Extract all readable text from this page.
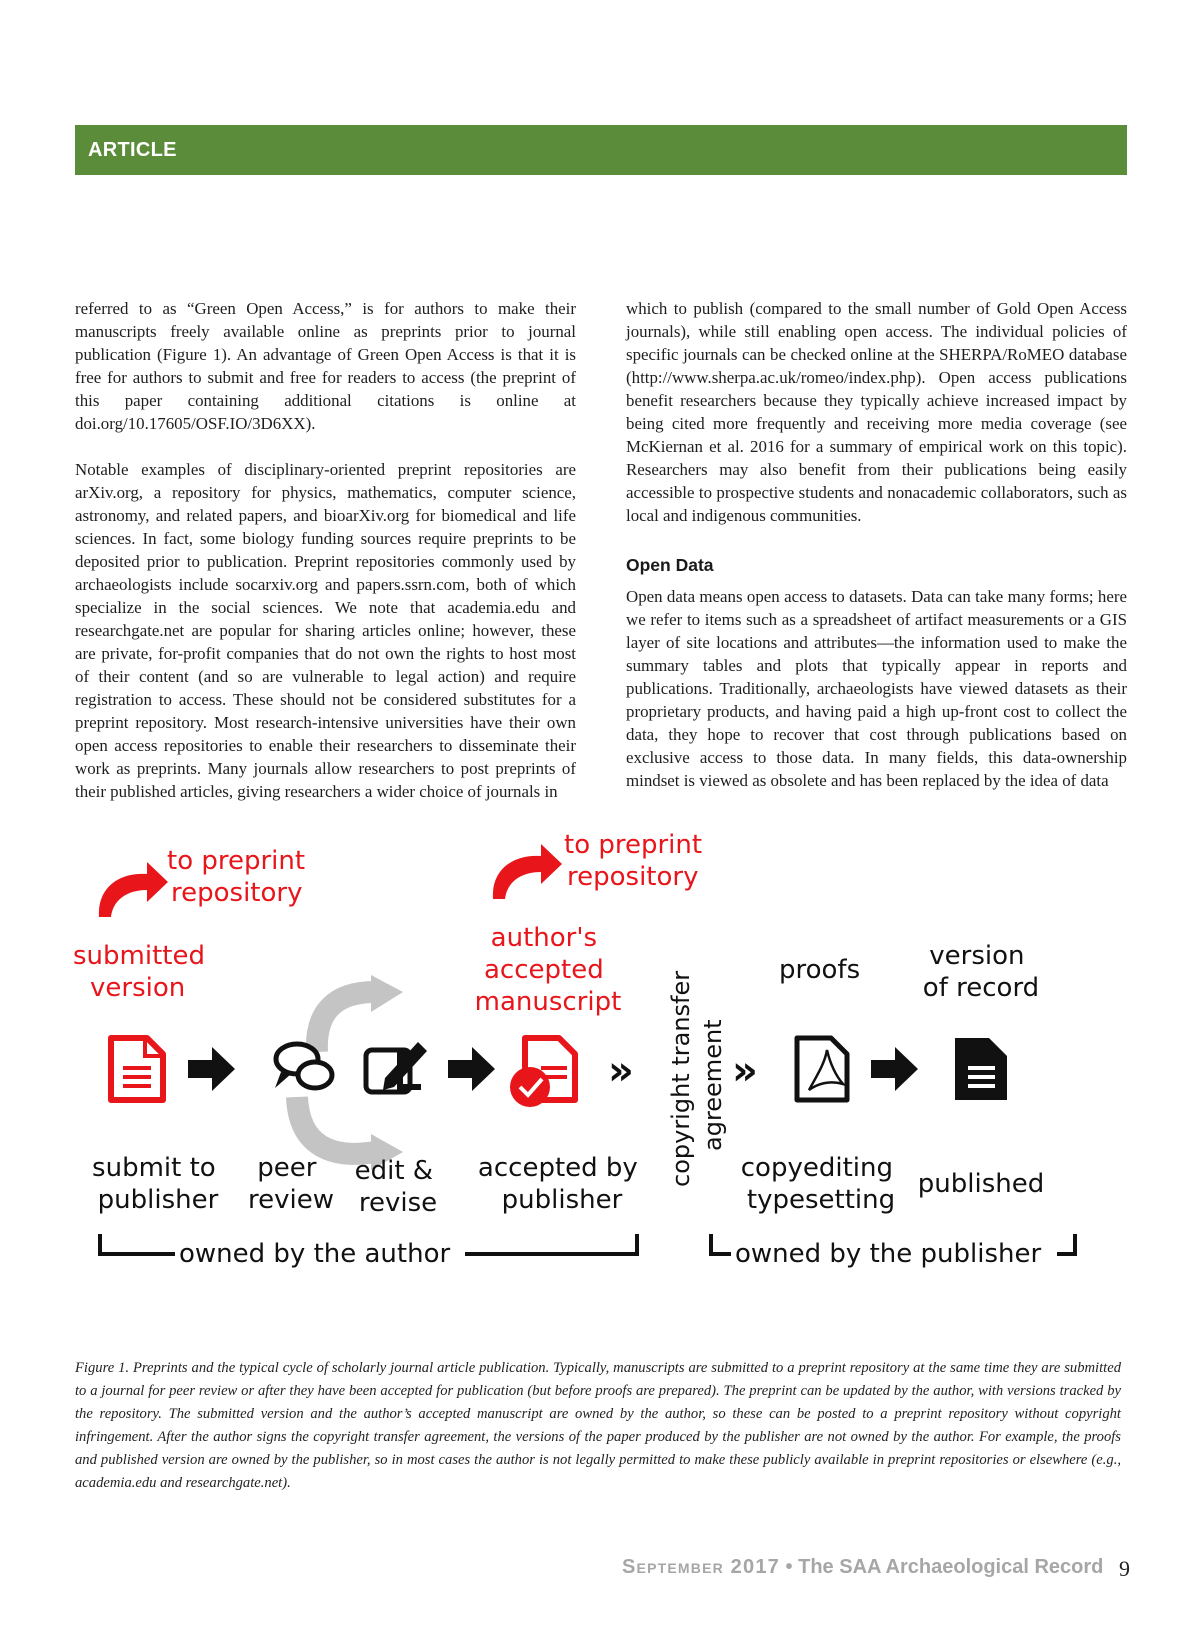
ARTICLE

referred to as “Green Open Access,” is for authors to make their manuscripts freely available online as preprints prior to journal publication (Figure 1). An advantage of Green Open Access is that it is free for authors to submit and free for readers to access (the preprint of this paper containing additional citations is online at doi.org/10.17605/OSF.IO/3D6XX).

Notable examples of disciplinary-oriented preprint repositories are arXiv.org, a repository for physics, mathematics, computer science, astronomy, and related papers, and bioarXiv.org for biomedical and life sciences. In fact, some biology funding sources require preprints to be deposited prior to publication. Preprint repositories commonly used by archaeologists include socarxiv.org and papers.ssrn.com, both of which specialize in the social sciences. We note that academia.edu and researchgate.net are popular for sharing articles online; however, these are private, for-profit companies that do not own the rights to host most of their content (and so are vulnerable to legal action) and require registration to access. These should not be considered substitutes for a preprint repository. Most research-intensive universities have their own open access repositories to enable their researchers to disseminate their work as preprints. Many journals allow researchers to post preprints of their published articles, giving researchers a wider choice of journals in

which to publish (compared to the small number of Gold Open Access journals), while still enabling open access. The individual policies of specific journals can be checked online at the SHERPA/RoMEO database (http://www.sherpa.ac.uk/romeo/index.php). Open access publications benefit researchers because they typically achieve increased impact by being cited more frequently and receiving more media coverage (see McKiernan et al. 2016 for a summary of empirical work on this topic). Researchers may also benefit from their publications being easily accessible to prospective students and nonacademic collaborators, such as local and indigenous communities.

Open Data

Open data means open access to datasets. Data can take many forms; here we refer to items such as a spreadsheet of artifact measurements or a GIS layer of site locations and attributes—the information used to make the summary tables and plots that typically appear in reports and publications. Traditionally, archaeologists have viewed datasets as their proprietary products, and having paid a high up-front cost to collect the data, they hope to recover that cost through publications based on exclusive access to those data. In many fields, this data-ownership mindset is viewed as obsolete and has been replaced by the idea of data

to preprint repository
to preprint repository
submitted version
author's accepted manuscript
proofs	version of record
copyright transfer agreement
» »
submit to publisher
peer review
edit & revise
accepted by publisher
copyediting typesetting
published
owned by the author	owned by the publisher

Figure 1. Preprints and the typical cycle of scholarly journal article publication. Typically, manuscripts are submitted to a preprint repository at the same time they are submitted to a journal for peer review or after they have been accepted for publication (but before proofs are prepared). The preprint can be updated by the author, with versions tracked by the repository. The submitted version and the author’s accepted manuscript are owned by the author, so these can be posted to a preprint repository without copyright infringement. After the author signs the copyright transfer agreement, the versions of the paper produced by the publisher are not owned by the author. For example, the proofs and published version are owned by the publisher, so in most cases the author is not legally permitted to make these publicly available in preprint repositories or elsewhere (e.g., academia.edu and researchgate.net).

September 2017 • The SAA Archaeological Record 9
